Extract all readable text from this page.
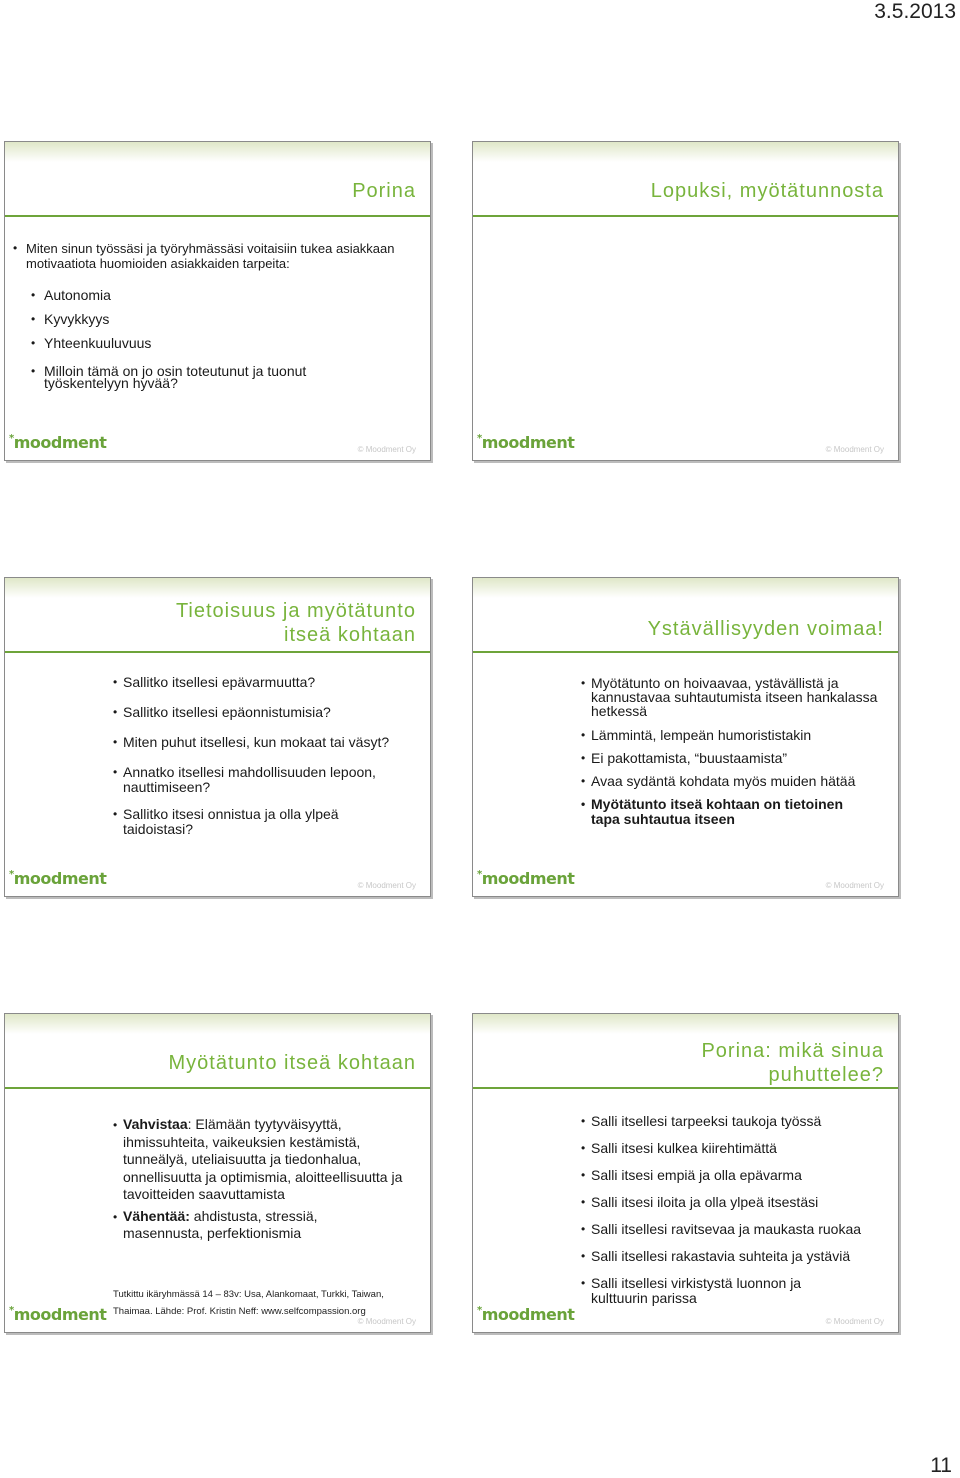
3.5.2013
Porina
• Miten sinun työssäsi ja työryhmässäsi voitaisiin tukea asiakkaan motivaatiota huomioiden asiakkaiden tarpeita:
• Autonomia
• Kyvykkyys
• Yhteenkuuluvuus
• Milloin tämä on jo osin toteutunut ja tuonut työskentelyyn hyvää?
*moodment	© Moodment Oy
Lopuksi, myötätunnosta
*moodment	© Moodment Oy
Tietoisuus ja myötätunto
itseä kohtaan
• Sallitko itsellesi epävarmuutta?
• Sallitko itsellesi epäonnistumisia?
• Miten puhut itsellesi, kun mokaat tai väsyt?
• Annatko itsellesi mahdollisuuden lepoon, nauttimiseen?
• Sallitko itsesi onnistua ja olla ylpeä taidoistasi?
*moodment	© Moodment Oy
Ystävällisyyden voimaa!
• Myötätunto on hoivaavaa, ystävällistä ja kannustavaa suhtautumista itseen hankalassa hetkessä
• Lämmintä, lempeän humorististakin
• Ei pakottamista, “buustaamista”
• Avaa sydäntä kohdata myös muiden hätää
• Myötätunto itseä kohtaan on tietoinen tapa suhtautua itseen
*moodment	© Moodment Oy
Myötätunto itseä kohtaan
• Vahvistaa: Elämään tyytyväisyyttä, ihmissuhteita, vaikeuksien kestämistä, tunneälyä, uteliaisuutta ja tiedonhalua, onnellisuutta ja optimismia, aloitteellisuutta ja tavoitteiden saavuttamista
• Vähentää: ahdistusta, stressiä, masennusta, perfektionismia
Tutkittu ikäryhmässä 14 – 83v: Usa, Alankomaat, Turkki, Taiwan,
Thaimaa. Lähde: Prof. Kristin Neff: www.selfcompassion.org
*moodment	© Moodment Oy
Porina: mikä sinua
puhuttelee?
• Salli itsellesi tarpeeksi taukoja työssä
• Salli itsesi kulkea kiirehtimättä
• Salli itsesi empiä ja olla epävarma
• Salli itsesi iloita ja olla ylpeä itsestäsi
• Salli itsellesi ravitsevaa ja maukasta ruokaa
• Salli itsellesi rakastavia suhteita ja ystäviä
• Salli itsellesi virkistystä luonnon ja kulttuurin parissa
*moodment	© Moodment Oy
11
